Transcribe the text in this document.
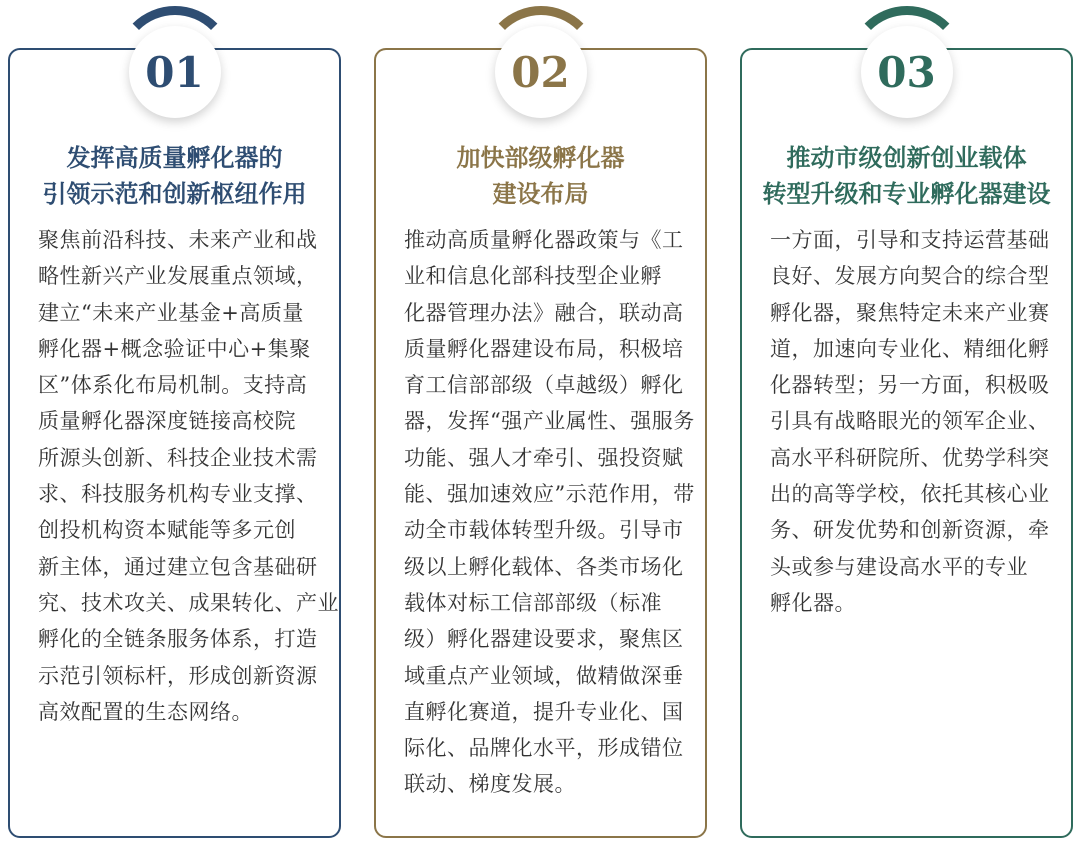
01
发挥高质量孵化器的
引领示范和创新枢纽作用
聚焦前沿科技、未来产业和战
略性新兴产业发展重点领域，
建立“未来产业基金+高质量
孵化器+概念验证中心+集聚
区”体系化布局机制。支持高
质量孵化器深度链接高校院
所源头创新、科技企业技术需
求、科技服务机构专业支撑、
创投机构资本赋能等多元创
新主体，通过建立包含基础研
究、技术攻关、成果转化、产业
孵化的全链条服务体系，打造
示范引领标杆，形成创新资源
高效配置的生态网络。
02
加快部级孵化器
建设布局
推动高质量孵化器政策与《工
业和信息化部科技型企业孵
化器管理办法》融合，联动高
质量孵化器建设布局，积极培
育工信部部级（卓越级）孵化
器，发挥“强产业属性、强服务
功能、强人才牵引、强投资赋
能、强加速效应”示范作用，带
动全市载体转型升级。引导市
级以上孵化载体、各类市场化
载体对标工信部部级（标准
级）孵化器建设要求，聚焦区
域重点产业领域，做精做深垂
直孵化赛道，提升专业化、国
际化、品牌化水平，形成错位
联动、梯度发展。
03
推动市级创新创业载体
转型升级和专业孵化器建设
一方面，引导和支持运营基础
良好、发展方向契合的综合型
孵化器，聚焦特定未来产业赛
道，加速向专业化、精细化孵
化器转型；另一方面，积极吸
引具有战略眼光的领军企业、
高水平科研院所、优势学科突
出的高等学校，依托其核心业
务、研发优势和创新资源，牵
头或参与建设高水平的专业
孵化器。
